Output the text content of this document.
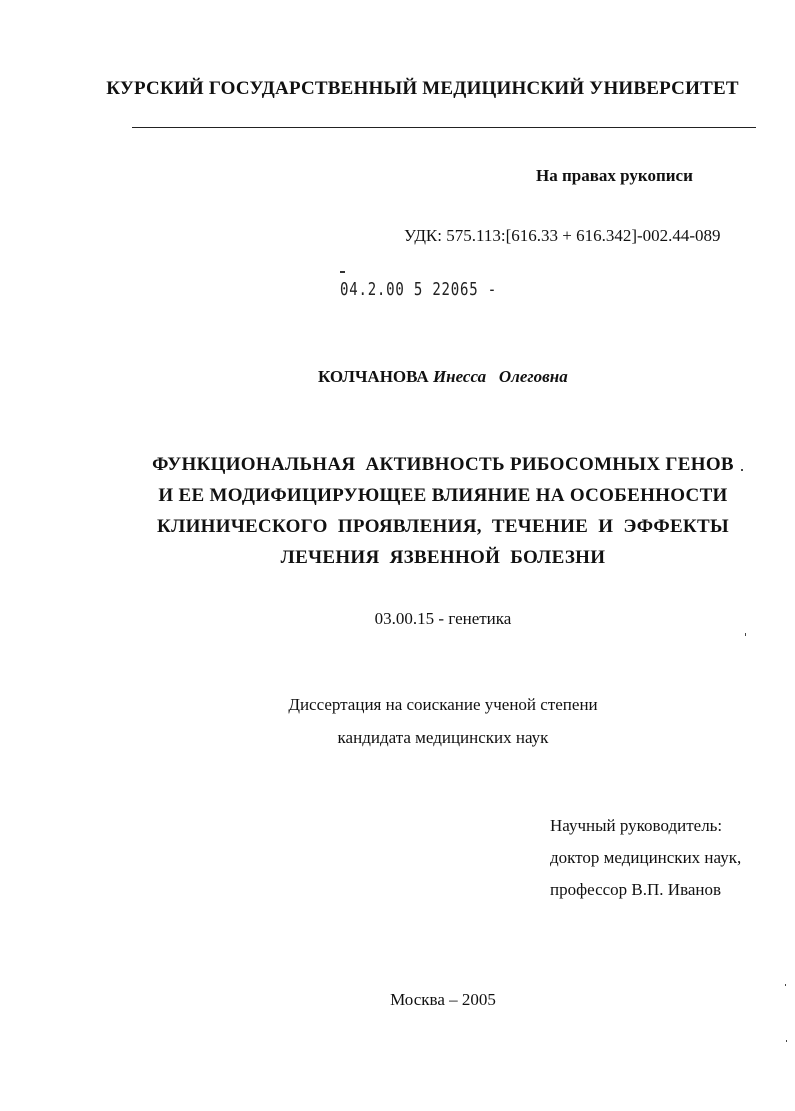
КУРСКИЙ ГОСУДАРСТВЕННЫЙ МЕДИЦИНСКИЙ УНИВЕРСИТЕТ
На правах рукописи
УДК: 575.113:[616.33 + 616.342]-002.44-089
04.2.00 5 22065 -
КОЛЧАНОВА Инесса   Олеговна
ФУНКЦИОНАЛЬНАЯ  АКТИВНОСТЬ РИБОСОМНЫХ ГЕНОВ
И ЕЕ МОДИФИЦИРУЮЩЕЕ ВЛИЯНИЕ НА ОСОБЕННОСТИ
КЛИНИЧЕСКОГО  ПРОЯВЛЕНИЯ,  ТЕЧЕНИЕ  И  ЭФФЕКТЫ
ЛЕЧЕНИЯ  ЯЗВЕННОЙ  БОЛЕЗНИ
03.00.15 - генетика
Диссертация на соискание ученой степени
кандидата медицинских наук
Научный руководитель:
доктор медицинских наук,
профессор В.П. Иванов
Москва – 2005
